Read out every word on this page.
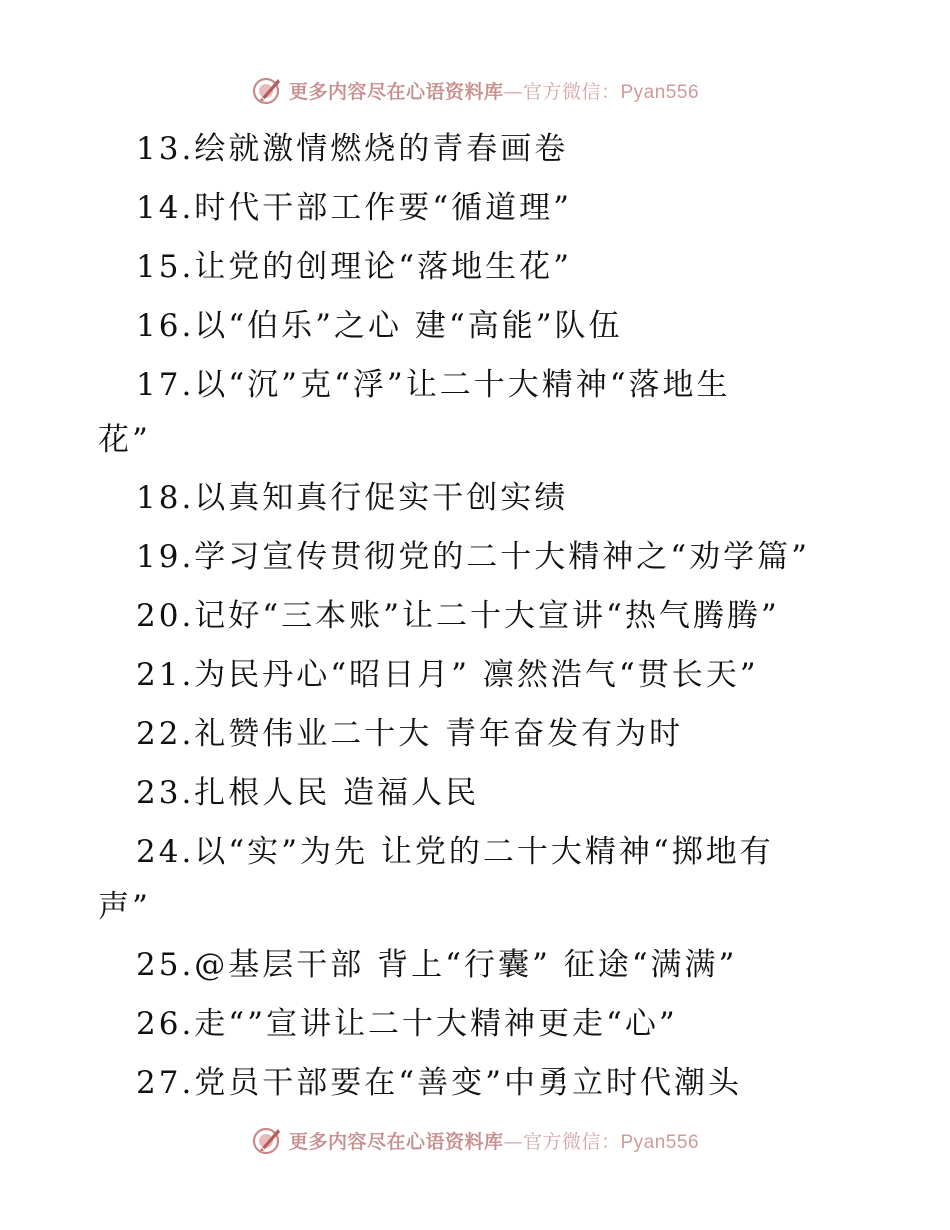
更多内容尽在心语资料库—官方微信：Pyan556
13.绘就激情燃烧的青春画卷
14.时代干部工作要“循道理”
15.让党的创理论“落地生花”
16.以“伯乐”之心 建“高能”队伍
17.以“沉”克“浮”让二十大精神“落地生
花”
18.以真知真行促实干创实绩
19.学习宣传贯彻党的二十大精神之“劝学篇”
20.记好“三本账”让二十大宣讲“热气腾腾”
21.为民丹心“昭日月” 凛然浩气“贯长天”
22.礼赞伟业二十大 青年奋发有为时
23.扎根人民 造福人民
24.以“实”为先 让党的二十大精神“掷地有
声”
25.@基层干部 背上“行囊” 征途“满满”
26.走“”宣讲让二十大精神更走“心”
27.党员干部要在“善变”中勇立时代潮头
更多内容尽在心语资料库—官方微信：Pyan556
